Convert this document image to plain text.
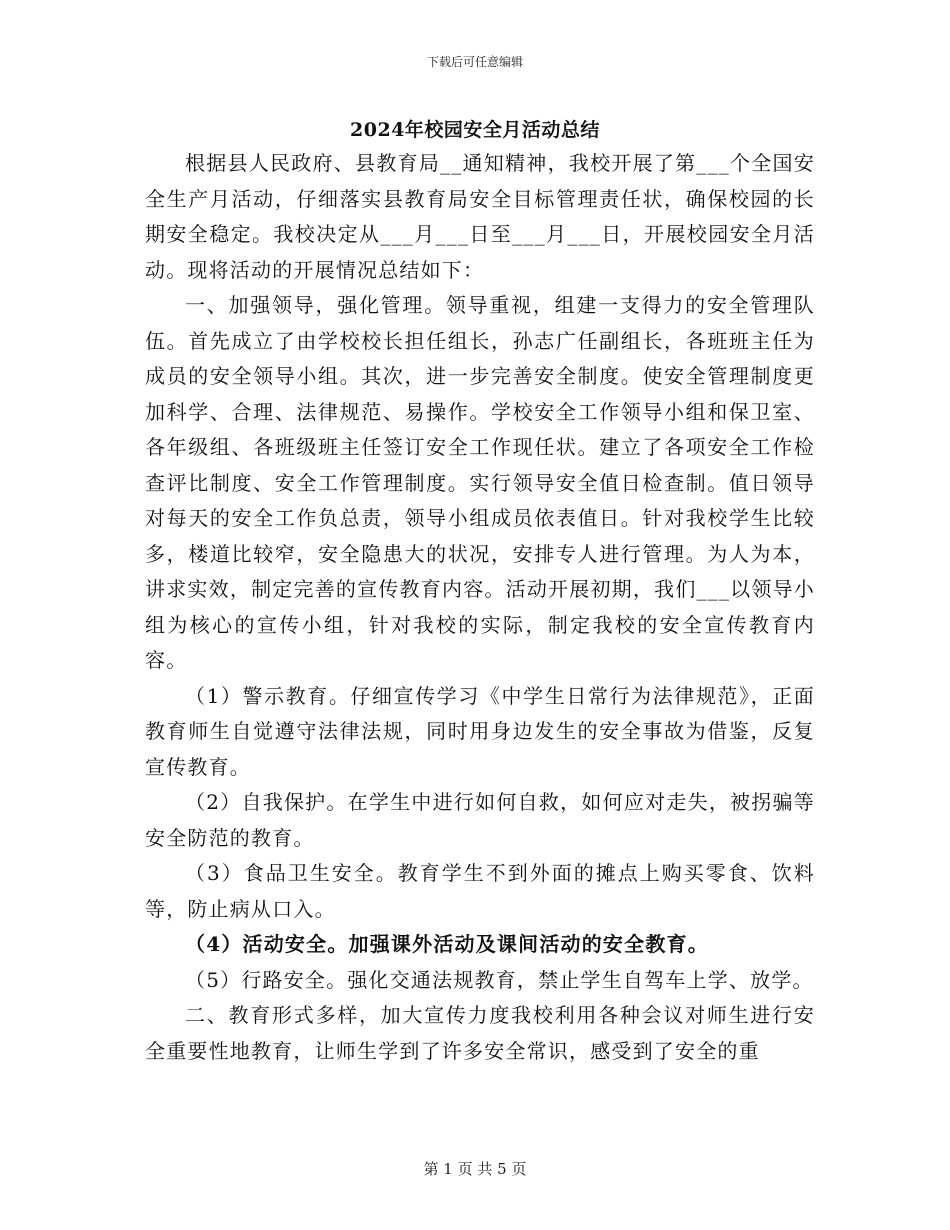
下载后可任意编辑
2024年校园安全月活动总结

根据县人民政府、县教育局__通知精神，我校开展了第___个全国安全生产月活动，仔细落实县教育局安全目标管理责任状，确保校园的长期安全稳定。我校决定从___月___日至___月___日，开展校园安全月活动。现将活动的开展情况总结如下：

一、加强领导，强化管理。领导重视，组建一支得力的安全管理队伍。首先成立了由学校校长担任组长，孙志广任副组长，各班班主任为成员的安全领导小组。其次，进一步完善安全制度。使安全管理制度更加科学、合理、法律规范、易操作。学校安全工作领导小组和保卫室、各年级组、各班级班主任签订安全工作现任状。建立了各项安全工作检查评比制度、安全工作管理制度。实行领导安全值日检查制。值日领导对每天的安全工作负总责，领导小组成员依表值日。针对我校学生比较多，楼道比较窄，安全隐患大的状况，安排专人进行管理。为人为本，讲求实效，制定完善的宣传教育内容。活动开展初期，我们___以领导小组为核心的宣传小组，针对我校的实际，制定我校的安全宣传教育内容。

（1）警示教育。仔细宣传学习《中学生日常行为法律规范》，正面教育师生自觉遵守法律法规，同时用身边发生的安全事故为借鉴，反复宣传教育。

（2）自我保护。在学生中进行如何自救，如何应对走失，被拐骗等安全防范的教育。

（3）食品卫生安全。教育学生不到外面的摊点上购买零食、饮料等，防止病从口入。

（4）活动安全。加强课外活动及课间活动的安全教育。

（5）行路安全。强化交通法规教育，禁止学生自驾车上学、放学。

二、教育形式多样，加大宣传力度我校利用各种会议对师生进行安全重要性地教育，让师生学到了许多安全常识，感受到了安全的重

第 1 页 共 5 页
